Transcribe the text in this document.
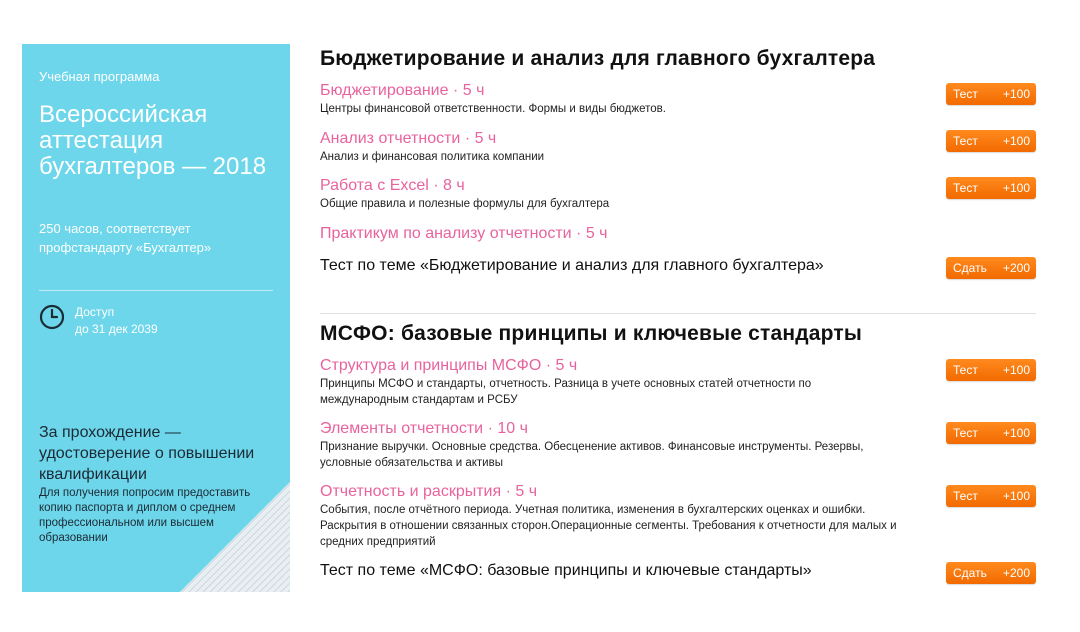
Учебная программа
Всероссийская аттестация бухгалтеров — 2018
250 часов, соответствует профстандарту «Бухгалтер»
Доступ
до 31 дек 2039
За прохождение — удостоверение о повышении квалификации
Для получения попросим предоставить копию паспорта и диплом о среднем профессиональном или высшем образовании
Бюджетирование и анализ для главного бухгалтера
Бюджетирование · 5 ч
Центры финансовой ответственности. Формы и виды бюджетов.
Тест +100
Анализ отчетности · 5 ч
Анализ и финансовая политика компании
Тест +100
Работа с Excel · 8 ч
Общие правила и полезные формулы для бухгалтера
Тест +100
Практикум по анализу отчетности · 5 ч
Тест по теме «Бюджетирование и анализ для главного бухгалтера»	Сдать +200
МСФО: базовые принципы и ключевые стандарты
Структура и принципы МСФО · 5 ч
Принципы МСФО и стандарты, отчетность. Разница в учете основных статей отчетности по международным стандартам и РСБУ
Тест +100
Элементы отчетности · 10 ч
Признание выручки. Основные средства. Обесценение активов. Финансовые инструменты. Резервы, условные обязательства и активы
Тест +100
Отчетность и раскрытия · 5 ч
События, после отчётного периода. Учетная политика, изменения в бухгалтерских оценках и ошибки. Раскрытия в отношении связанных сторон.Операционные сегменты. Требования к отчетности для малых и средних предприятий
Тест +100
Тест по теме «МСФО: базовые принципы и ключевые стандарты»	Сдать +200
